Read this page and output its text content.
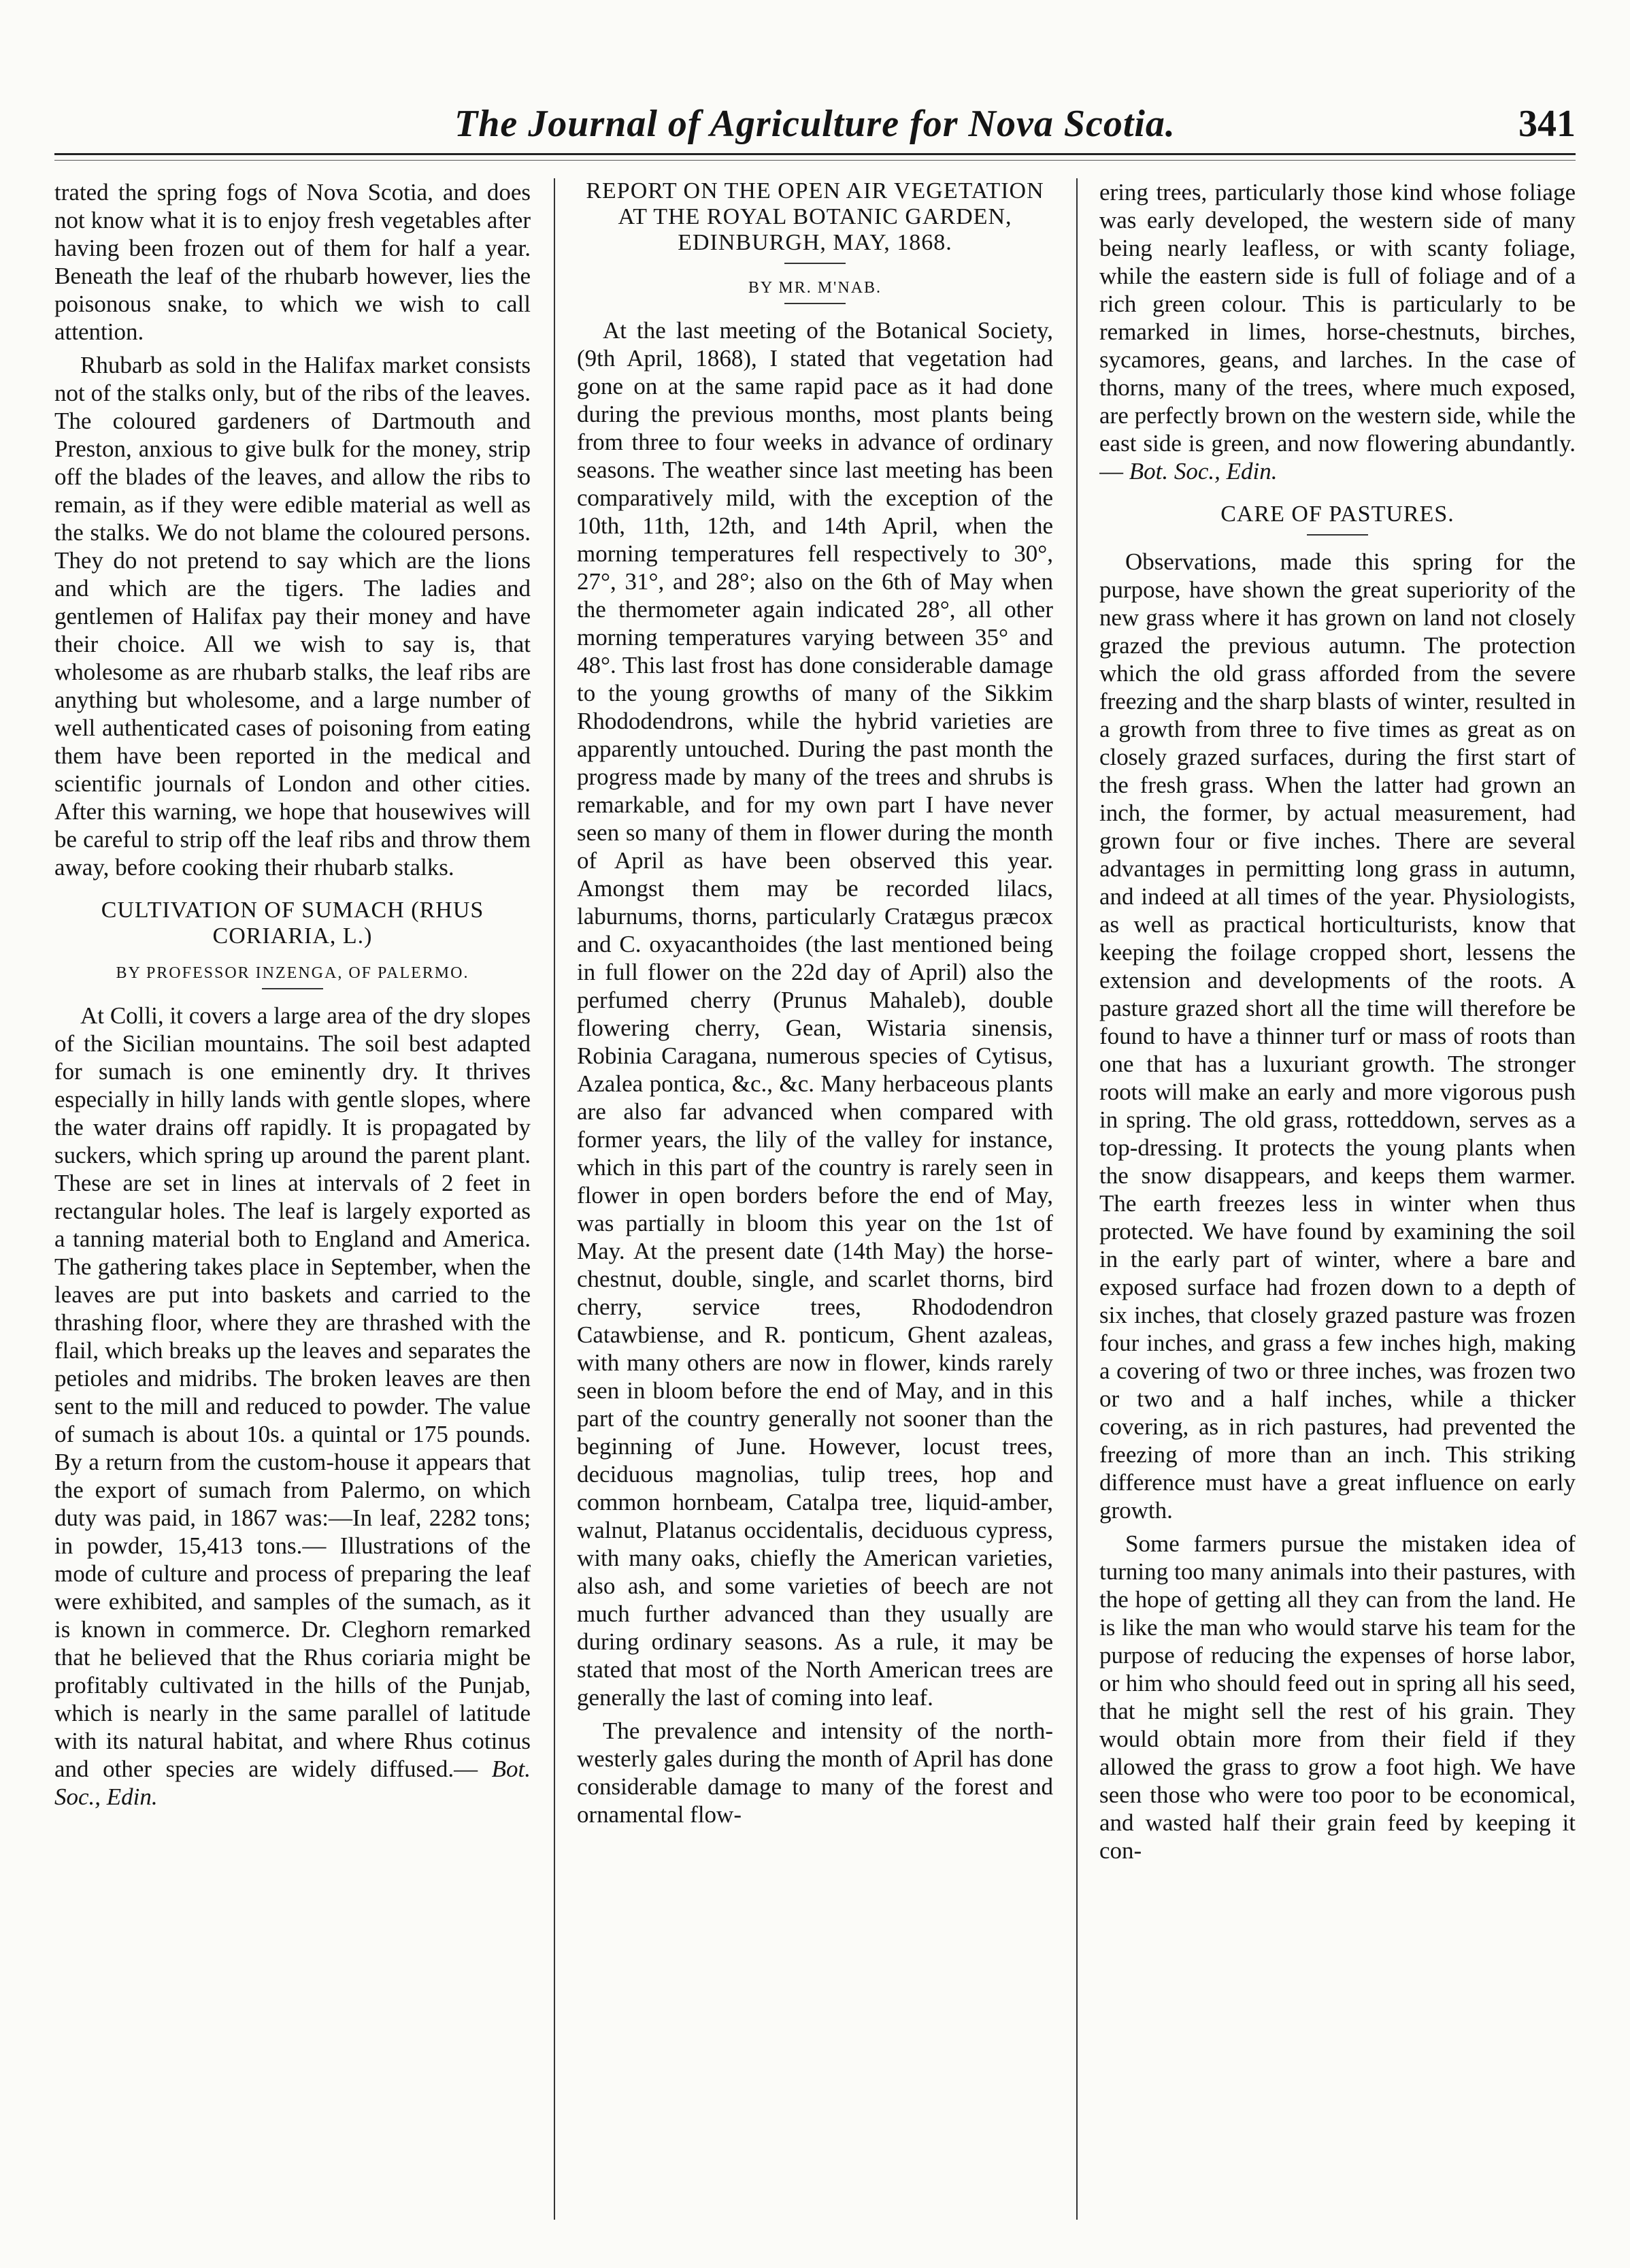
The Journal of Agriculture for Nova Scotia.	341

trated the spring fogs of Nova Scotia, and does not know what it is to enjoy fresh vegetables after having been frozen out of them for half a year. Beneath the leaf of the rhubarb however, lies the poisonous snake, to which we wish to call attention.

Rhubarb as sold in the Halifax market consists not of the stalks only, but of the ribs of the leaves. The coloured gardeners of Dartmouth and Preston, anxious to give bulk for the money, strip off the blades of the leaves, and allow the ribs to remain, as if they were edible material as well as the stalks. We do not blame the coloured persons. They do not pretend to say which are the lions and which are the tigers. The ladies and gentlemen of Halifax pay their money and have their choice. All we wish to say is, that wholesome as are rhubarb stalks, the leaf ribs are anything but wholesome, and a large number of well authenticated cases of poisoning from eating them have been reported in the medical and scientific journals of London and other cities. After this warning, we hope that housewives will be careful to strip off the leaf ribs and throw them away, before cooking their rhubarb stalks.

CULTIVATION OF SUMACH (RHUS CORIARIA, L.)
BY PROFESSOR INZENGA, OF PALERMO.

At Colli, it covers a large area of the dry slopes of the Sicilian mountains. The soil best adapted for sumach is one eminently dry. It thrives especially in hilly lands with gentle slopes, where the water drains off rapidly. It is propagated by suckers, which spring up around the parent plant. These are set in lines at intervals of 2 feet in rectangular holes. The leaf is largely exported as a tanning material both to England and America. The gathering takes place in September, when the leaves are put into baskets and carried to the thrashing floor, where they are thrashed with the flail, which breaks up the leaves and separates the petioles and midribs. The broken leaves are then sent to the mill and reduced to powder. The value of sumach is about 10s. a quintal or 175 pounds. By a return from the custom-house it appears that the export of sumach from Palermo, on which duty was paid, in 1867 was:—In leaf, 2282 tons; in powder, 15,413 tons.— Illustrations of the mode of culture and process of preparing the leaf were exhibited, and samples of the sumach, as it is known in commerce. Dr. Cleghorn remarked that he believed that the Rhus coriaria might be profitably cultivated in the hills of the Punjab, which is nearly in the same parallel of latitude with its natural habitat, and where Rhus cotinus and other species are widely diffused.— Bot. Soc., Edin.

REPORT ON THE OPEN AIR VEGETATION AT THE ROYAL BOTANIC GARDEN, EDINBURGH, MAY, 1868.
BY MR. M'NAB.

At the last meeting of the Botanical Society, (9th April, 1868), I stated that vegetation had gone on at the same rapid pace as it had done during the previous months, most plants being from three to four weeks in advance of ordinary seasons. The weather since last meeting has been comparatively mild, with the exception of the 10th, 11th, 12th, and 14th April, when the morning temperatures fell respectively to 30°, 27°, 31°, and 28°; also on the 6th of May when the thermometer again indicated 28°, all other morning temperatures varying between 35° and 48°. This last frost has done considerable damage to the young growths of many of the Sikkim Rhododendrons, while the hybrid varieties are apparently untouched. During the past month the progress made by many of the trees and shrubs is remarkable, and for my own part I have never seen so many of them in flower during the month of April as have been observed this year. Amongst them may be recorded lilacs, laburnums, thorns, particularly Cratægus præcox and C. oxyacanthoides (the last mentioned being in full flower on the 22d day of April) also the perfumed cherry (Prunus Mahaleb), double flowering cherry, Gean, Wistaria sinensis, Robinia Caragana, numerous species of Cytisus, Azalea pontica, &c., &c. Many herbaceous plants are also far advanced when compared with former years, the lily of the valley for instance, which in this part of the country is rarely seen in flower in open borders before the end of May, was partially in bloom this year on the 1st of May. At the present date (14th May) the horse-chestnut, double, single, and scarlet thorns, bird cherry, service trees, Rhododendron Catawbiense, and R. ponticum, Ghent azaleas, with many others are now in flower, kinds rarely seen in bloom before the end of May, and in this part of the country generally not sooner than the beginning of June. However, locust trees, deciduous magnolias, tulip trees, hop and common hornbeam, Catalpa tree, liquid-amber, walnut, Platanus occidentalis, deciduous cypress, with many oaks, chiefly the American varieties, also ash, and some varieties of beech are not much further advanced than they usually are during ordinary seasons. As a rule, it may be stated that most of the North American trees are generally the last of coming into leaf.

The prevalence and intensity of the north-westerly gales during the month of April has done considerable damage to many of the forest and ornamental flow-

ering trees, particularly those kind whose foliage was early developed, the western side of many being nearly leafless, or with scanty foliage, while the eastern side is full of foliage and of a rich green colour. This is particularly to be remarked in limes, horse-chestnuts, birches, sycamores, geans, and larches. In the case of thorns, many of the trees, where much exposed, are perfectly brown on the western side, while the east side is green, and now flowering abundantly.— Bot. Soc., Edin.

CARE OF PASTURES.

Observations, made this spring for the purpose, have shown the great superiority of the new grass where it has grown on land not closely grazed the previous autumn. The protection which the old grass afforded from the severe freezing and the sharp blasts of winter, resulted in a growth from three to five times as great as on closely grazed surfaces, during the first start of the fresh grass. When the latter had grown an inch, the former, by actual measurement, had grown four or five inches. There are several advantages in permitting long grass in autumn, and indeed at all times of the year. Physiologists, as well as practical horticulturists, know that keeping the foilage cropped short, lessens the extension and developments of the roots. A pasture grazed short all the time will therefore be found to have a thinner turf or mass of roots than one that has a luxuriant growth. The stronger roots will make an early and more vigorous push in spring. The old grass, rotteddown, serves as a top-dressing. It protects the young plants when the snow disappears, and keeps them warmer. The earth freezes less in winter when thus protected. We have found by examining the soil in the early part of winter, where a bare and exposed surface had frozen down to a depth of six inches, that closely grazed pasture was frozen four inches, and grass a few inches high, making a covering of two or three inches, was frozen two or two and a half inches, while a thicker covering, as in rich pastures, had prevented the freezing of more than an inch. This striking difference must have a great influence on early growth.

Some farmers pursue the mistaken idea of turning too many animals into their pastures, with the hope of getting all they can from the land. He is like the man who would starve his team for the purpose of reducing the expenses of horse labor, or him who should feed out in spring all his seed, that he might sell the rest of his grain. They would obtain more from their field if they allowed the grass to grow a foot high. We have seen those who were too poor to be economical, and wasted half their grain feed by keeping it con-
